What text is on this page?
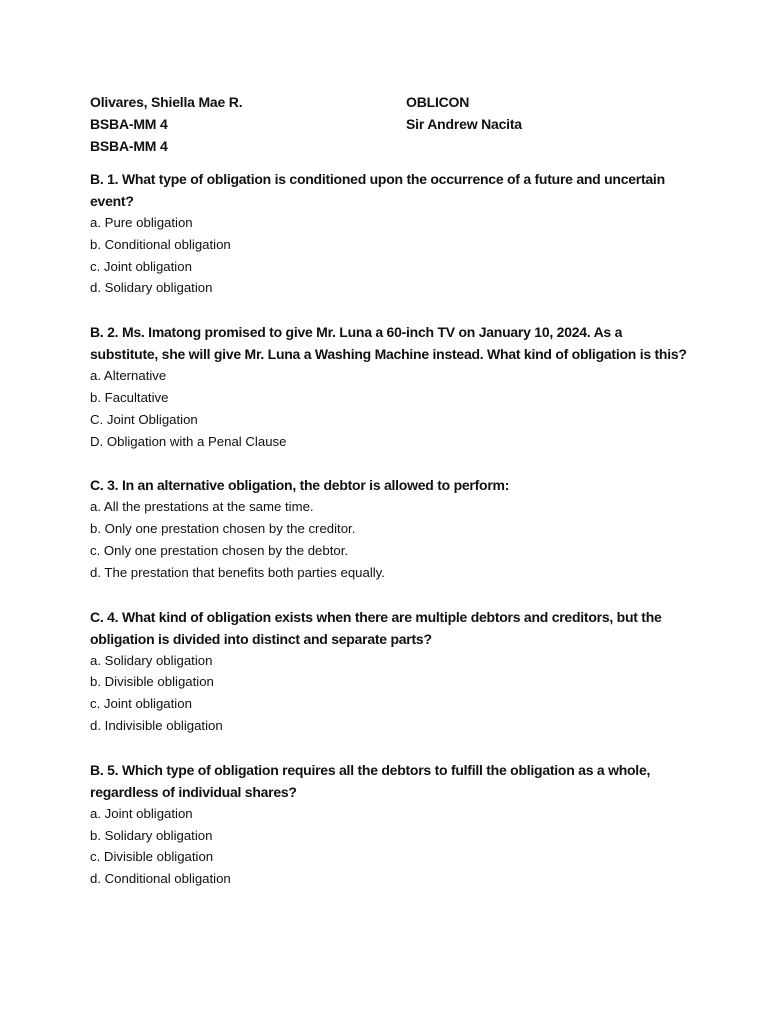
Olivares, Shiella Mae R.
BSBA-MM 4
BSBA-MM 4
OBLICON
Sir Andrew Nacita

B. 1. What type of obligation is conditioned upon the occurrence of a future and uncertain event?

a. Pure obligation
b. Conditional obligation
c. Joint obligation
d. Solidary obligation

B. 2. Ms. Imatong promised to give Mr. Luna a 60-inch TV on January 10, 2024. As a substitute, she will give Mr. Luna a Washing Machine instead. What kind of obligation is this?

a. Alternative
b. Facultative
C. Joint Obligation
D. Obligation with a Penal Clause

C. 3. In an alternative obligation, the debtor is allowed to perform:

a. All the prestations at the same time.
b. Only one prestation chosen by the creditor.
c. Only one prestation chosen by the debtor.
d. The prestation that benefits both parties equally.

C. 4. What kind of obligation exists when there are multiple debtors and creditors, but the obligation is divided into distinct and separate parts?

a. Solidary obligation
b. Divisible obligation
c. Joint obligation
d. Indivisible obligation

B. 5. Which type of obligation requires all the debtors to fulfill the obligation as a whole, regardless of individual shares?

a. Joint obligation
b. Solidary obligation
c. Divisible obligation
d. Conditional obligation
